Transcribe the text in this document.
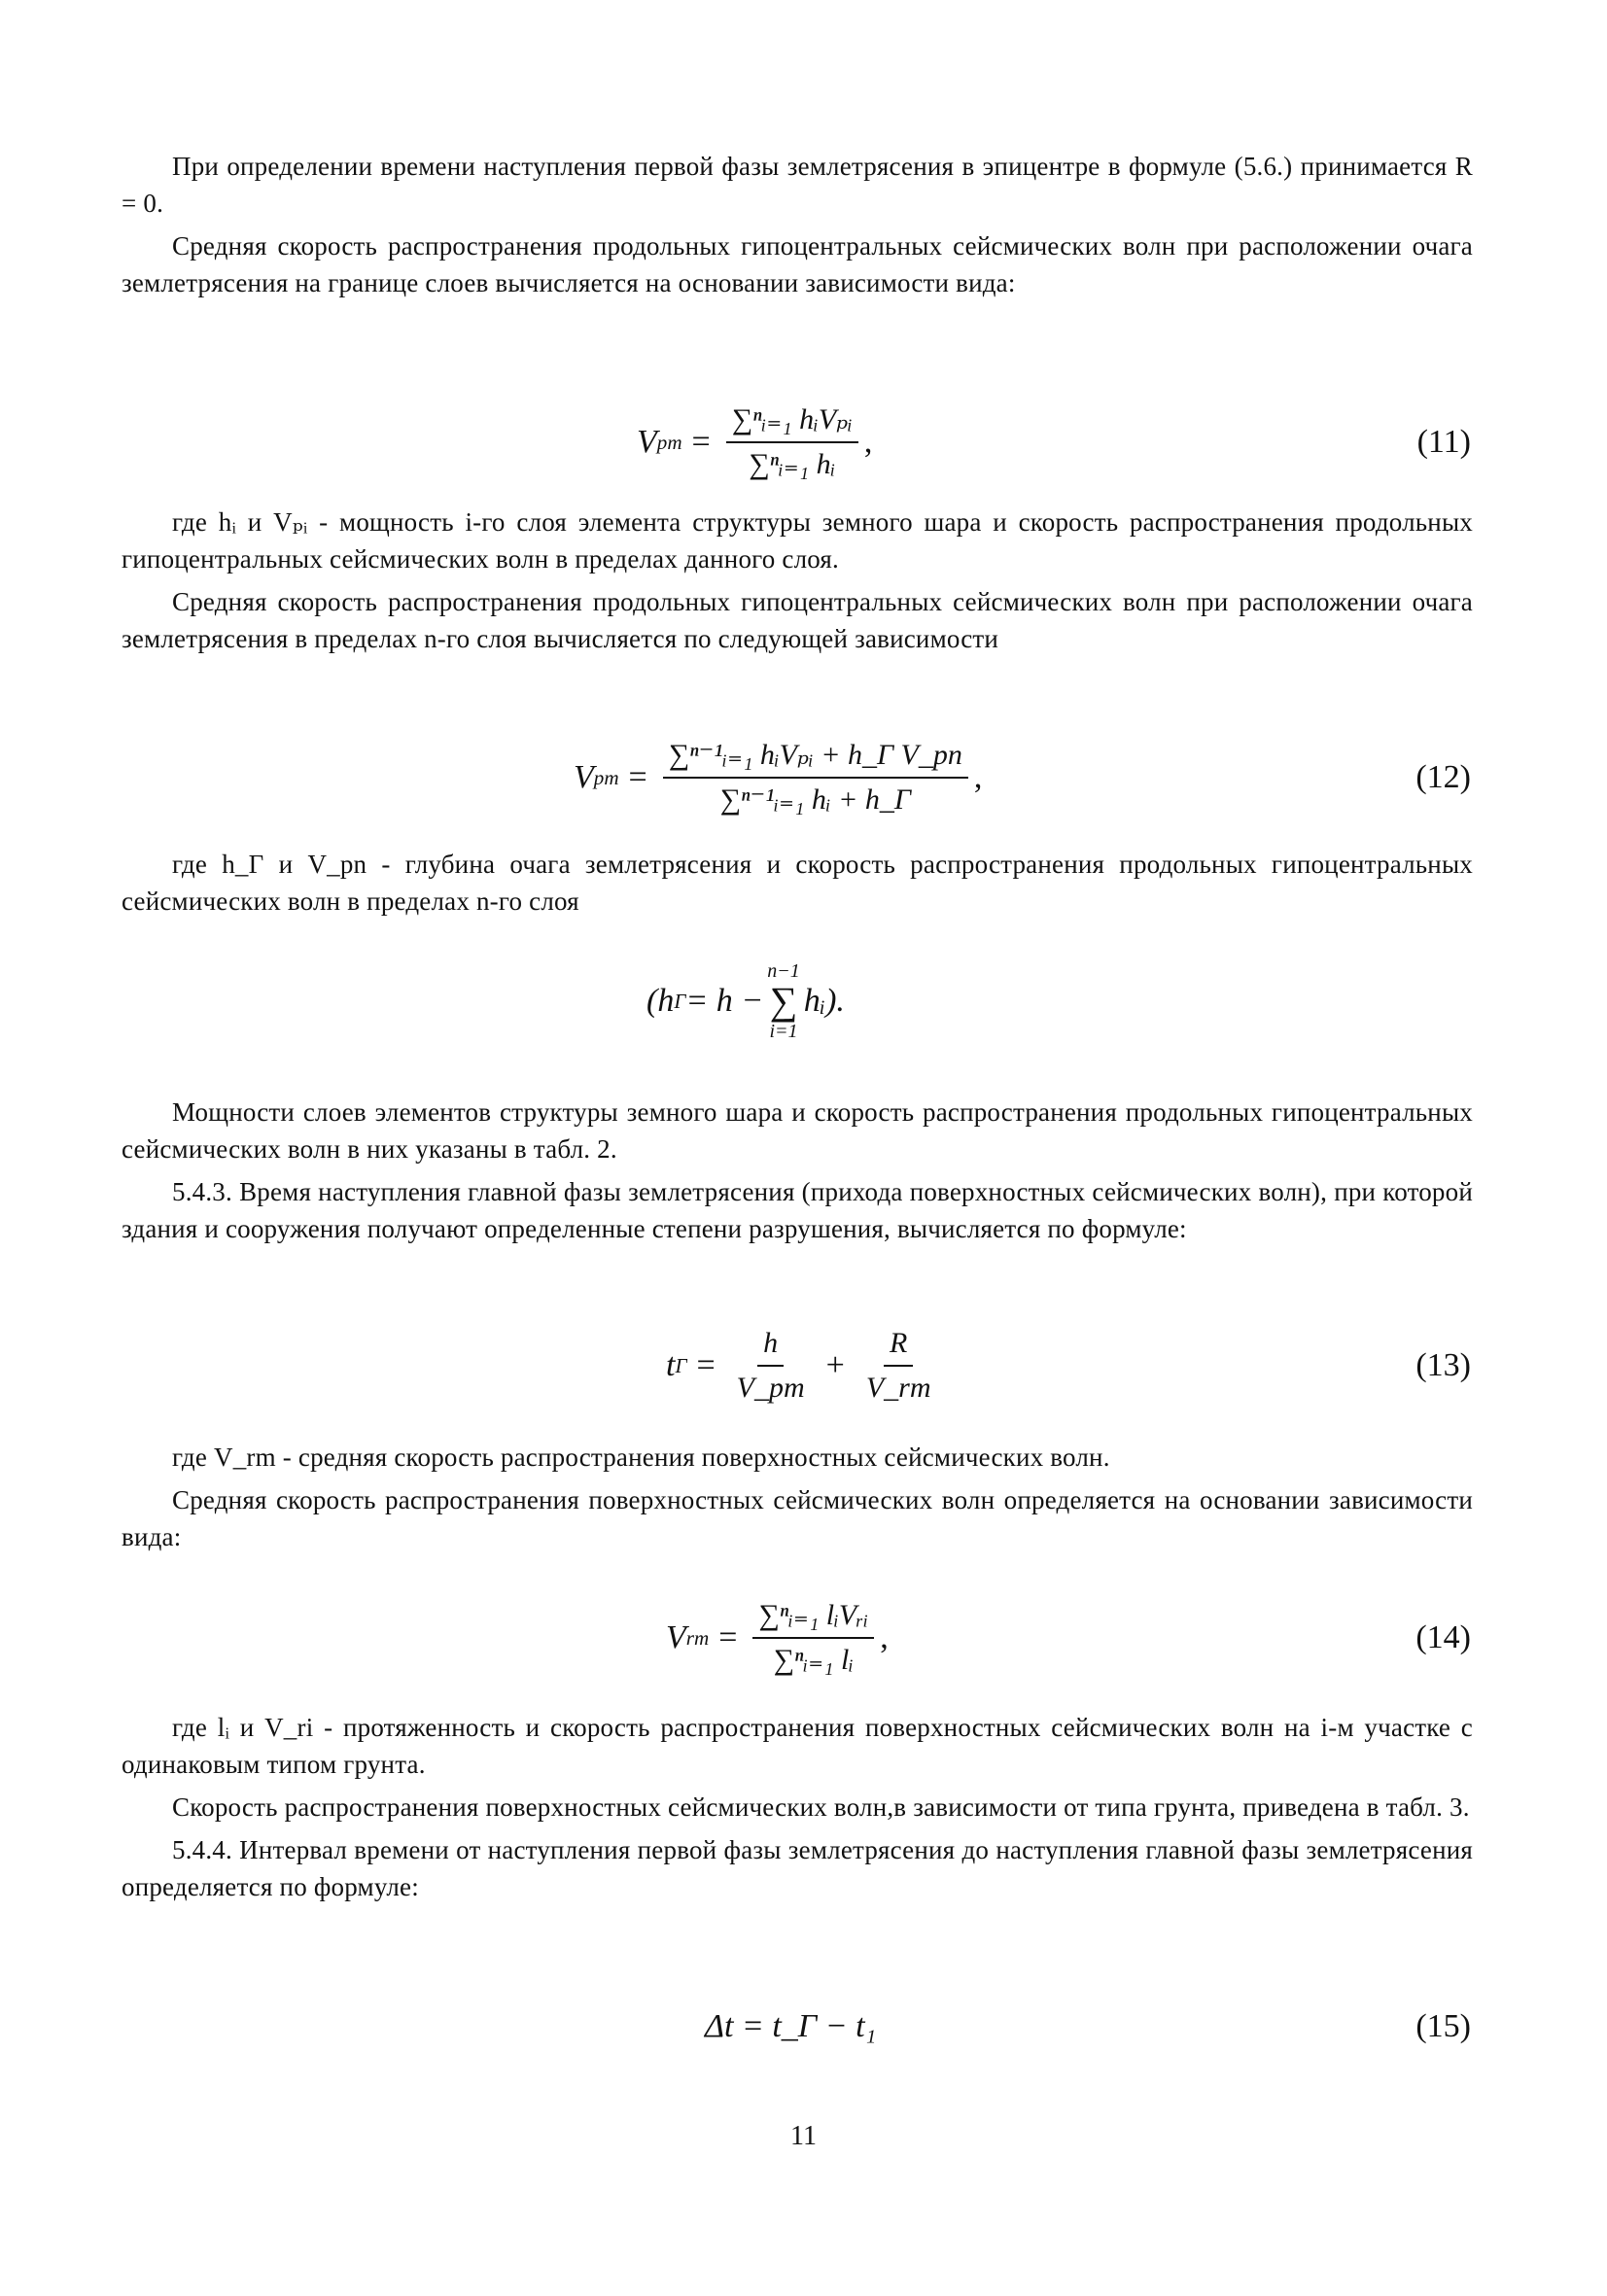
При определении времени наступления первой фазы землетрясения в эпицентре в формуле (5.6.) принимается R = 0.

Средняя скорость распространения продольных гипоцентральных сейсмических волн при расположении очага землетрясения на границе слоев вычисляется на основании зависимости вида:

V pm = $\frac{\text{∑ⁿᵢ₌₁ hᵢVₚᵢ}}{\text{∑ⁿᵢ₌₁ hᵢ}}$ ,	(11)

где hᵢ и Vₚᵢ - мощность i-го слоя элемента структуры земного шара и скорость распространения продольных гипоцентральных сейсмических волн в пределах данного слоя.

Средняя скорость распространения продольных гипоцентральных сейсмических волн при расположении очага землетрясения в пределах n-го слоя вычисляется по следующей зависимости

V pm = $\frac{\text{∑ⁿ⁻¹ᵢ₌₁ hᵢVₚᵢ + h\_Г V\_pn}}{\text{∑ⁿ⁻¹ᵢ₌₁ hᵢ + h\_Г}}$ ,	(12)

где h_Г и V_pn - глубина очага землетрясения и скорость распространения продольных гипоцентральных сейсмических волн в пределах n-го слоя

(h Г = h −
n−1
∑
i=1
hᵢ).

Мощности слоев элементов структуры земного шара и скорость распространения продольных гипоцентральных сейсмических волн в них указаны в табл. 2.

5.4.3. Время наступления главной фазы землетрясения (прихода поверхностных сейсмических волн), при которой здания и сооружения получают определенные степени разрушения, вычисляется по формуле:

t $Г = \frac{h}{V\_pm} + \frac{R}{V\_rm}$	(13)

где V_rm - средняя скорость распространения поверхностных сейсмических волн.

Средняя скорость распространения поверхностных сейсмических волн определяется на основании зависимости вида:

V rm = $\frac{\text{∑ⁿᵢ₌₁ lᵢVᵣᵢ}}{\text{∑ⁿᵢ₌₁ lᵢ}}$ ,	(14)

где lᵢ и V_ri - протяженность и скорость распространения поверхностных сейсмических волн на i-м участке с одинаковым типом грунта.

Скорость распространения поверхностных сейсмических волн,в зависимости от типа грунта, приведена в табл. 3.

5.4.4. Интервал времени от наступления первой фазы землетрясения до наступления главной фазы землетрясения определяется по формуле:

Δt = t_Г − t₁	(15)
11
